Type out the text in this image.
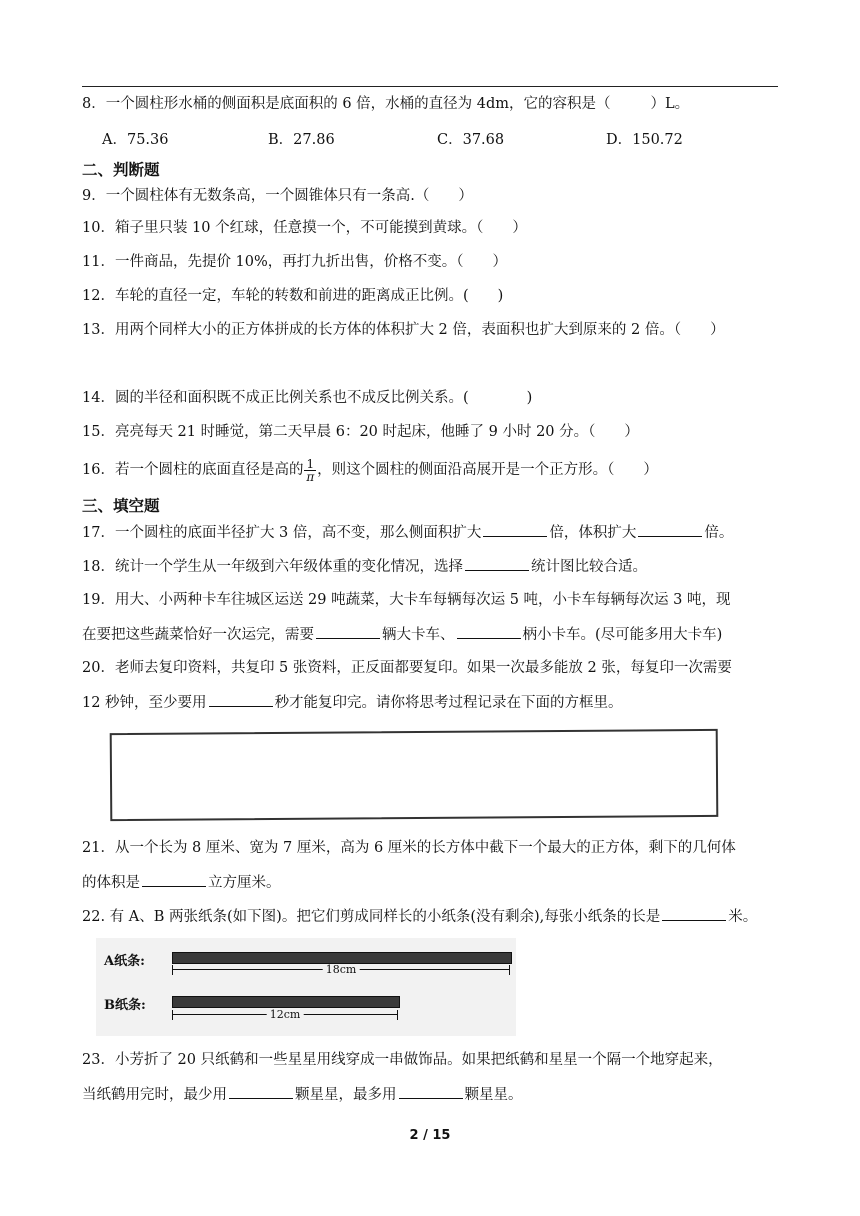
8．一个圆柱形水桶的侧面积是底面积的 6 倍，水桶的直径为 4dm，它的容积是（	）L。
A．75.36	B．27.86	C．37.68	D．150.72
二、判断题
9．一个圆柱体有无数条高，一个圆锥体只有一条高.（　　）
10．箱子里只装 10 个红球，任意摸一个，不可能摸到黄球。（　　）
11．一件商品，先提价 10%，再打九折出售，价格不变。（　　）
12．车轮的直径一定，车轮的转数和前进的距离成正比例。(　　)
13．用两个同样大小的正方体拼成的长方体的体积扩大 2 倍，表面积也扩大到原来的 2 倍。（　　）
14．圆的半径和面积既不成正比例关系也不成反比例关系。(　　　　)
15．亮亮每天 21 时睡觉，第二天早晨 6：20 时起床，他睡了 9 小时 20 分。（　　）
16．若一个圆柱的底面直径是高的 $\frac{1}{\pi}$ ，则这个圆柱的侧面沿高展开是一个正方形。（　　）
三、填空题
17．一个圆柱的底面半径扩大 3 倍，高不变，那么侧面积扩大	倍，体积扩大	倍。
18．统计一个学生从一年级到六年级体重的变化情况，选择	统计图比较合适。
19．用大、小两种卡车往城区运送 29 吨蔬菜，大卡车每辆每次运 5 吨，小卡车每辆每次运 3 吨，现
在要把这些蔬菜恰好一次运完，需要	辆大卡车、	柄小卡车。(尽可能多用大卡车)
20．老师去复印资料，共复印 5 张资料，正反面都要复印。如果一次最多能放 2 张，每复印一次需要
12 秒钟，至少要用	秒才能复印完。请你将思考过程记录在下面的方框里。
21．从一个长为 8 厘米、宽为 7 厘米，高为 6 厘米的长方体中截下一个最大的正方体，剩下的几何体
的体积是	立方厘米。
22. 有 A、B 两张纸条(如下图)。把它们剪成同样长的小纸条(没有剩余),每张小纸条的长是	米。
A纸条:
18cm
B纸条:
12cm
23．小芳折了 20 只纸鹤和一些星星用线穿成一串做饰品。如果把纸鹤和星星一个隔一个地穿起来，
当纸鹤用完时，最少用	颗星星，最多用	颗星星。
2 / 15
